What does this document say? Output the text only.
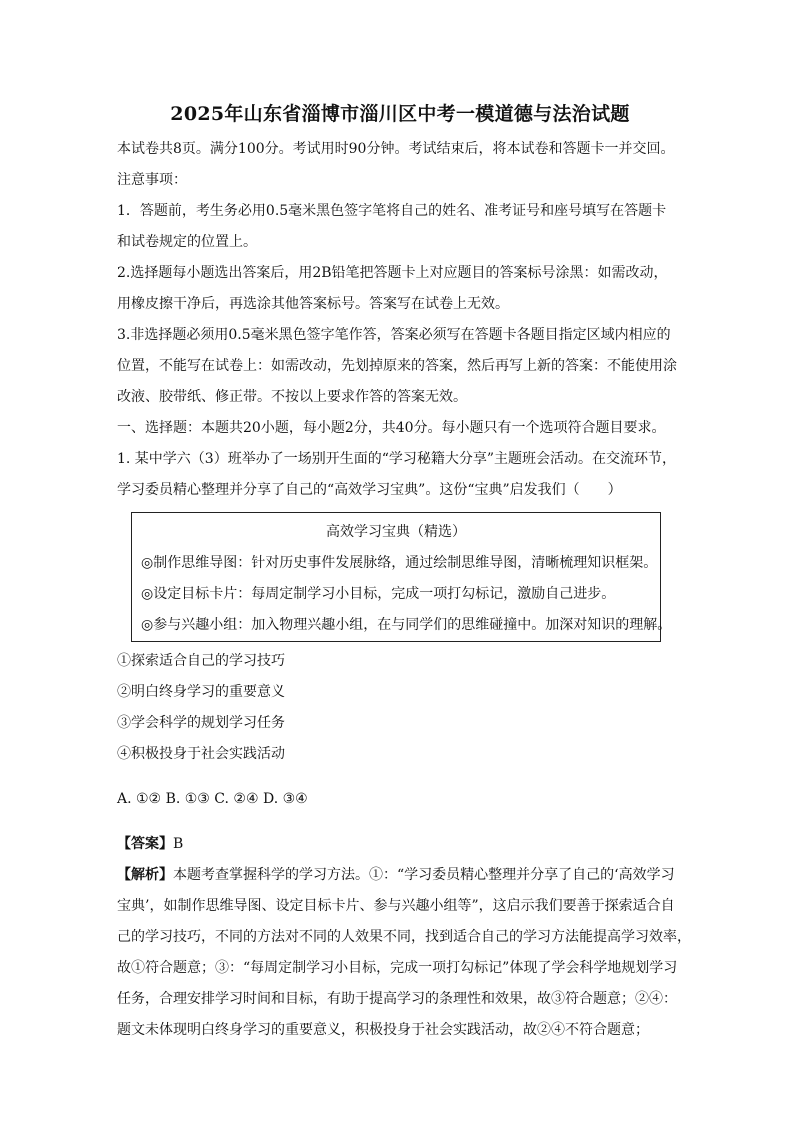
2025年山东省淄博市淄川区中考一模道德与法治试题

本试卷共8页。满分100分。考试用时90分钟。考试结束后，将本试卷和答题卡一并交回。

注意事项：

1．答题前，考生务必用0.5毫米黑色签字笔将自己的姓名、准考证号和座号填写在答题卡

和试卷规定的位置上。

2.选择题每小题选出答案后，用2B铅笔把答题卡上对应题目的答案标号涂黑：如需改动，

用橡皮擦干净后，再选涂其他答案标号。答案写在试卷上无效。

3.非选择题必须用0.5毫米黑色签字笔作答，答案必须写在答题卡各题目指定区域内相应的

位置，不能写在试卷上：如需改动，先划掉原来的答案，然后再写上新的答案：不能使用涂

改液、胶带纸、修正带。不按以上要求作答的答案无效。

一、选择题：本题共20小题，每小题2分，共40分。每小题只有一个选项符合题目要求。

1. 某中学六（3）班举办了一场别开生面的“学习秘籍大分享”主题班会活动。在交流环节，

学习委员精心整理并分享了自己的“高效学习宝典”。这份“宝典”启发我们（　　）

高效学习宝典（精选）
◎制作思维导图：针对历史事件发展脉络，通过绘制思维导图，清晰梳理知识框架。
◎设定目标卡片：每周定制学习小目标，完成一项打勾标记，激励自己进步。
◎参与兴趣小组：加入物理兴趣小组，在与同学们的思维碰撞中。加深对知识的理解。

①探索适合自己的学习技巧

②明白终身学习的重要意义

③学会科学的规划学习任务

④积极投身于社会实践活动

A. ①② B. ①③ C. ②④ D. ③④

【答案】B

【解析】本题考查掌握科学的学习方法。①：“学习委员精心整理并分享了自己的‘高效学习

宝典’，如制作思维导图、设定目标卡片、参与兴趣小组等”，这启示我们要善于探索适合自

己的学习技巧，不同的方法对不同的人效果不同，找到适合自己的学习方法能提高学习效率，

故①符合题意；③：“每周定制学习小目标，完成一项打勾标记”体现了学会科学地规划学习

任务，合理安排学习时间和目标，有助于提高学习的条理性和效果，故③符合题意；②④：

题文未体现明白终身学习的重要意义，积极投身于社会实践活动，故②④不符合题意；
